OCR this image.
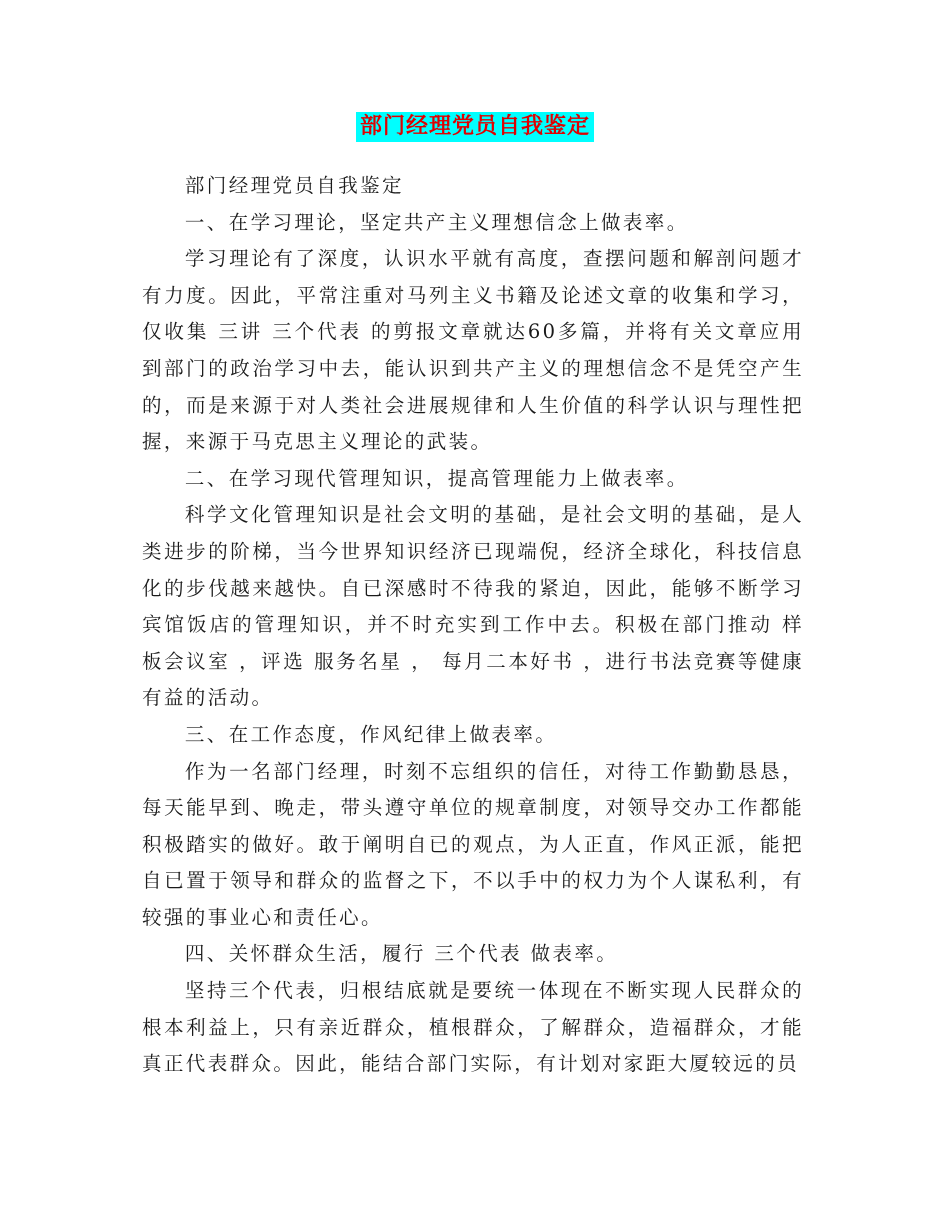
部门经理党员自我鉴定

部门经理党员自我鉴定

一、在学习理论，坚定共产主义理想信念上做表率。

学习理论有了深度，认识水平就有高度，查摆问题和解剖问题才有力度。因此，平常注重对马列主义书籍及论述文章的收集和学习，仅收集 三讲 三个代表 的剪报文章就达60多篇，并将有关文章应用到部门的政治学习中去，能认识到共产主义的理想信念不是凭空产生的，而是来源于对人类社会进展规律和人生价值的科学认识与理性把握，来源于马克思主义理论的武装。

二、在学习现代管理知识，提高管理能力上做表率。

科学文化管理知识是社会文明的基础，是社会文明的基础，是人类进步的阶梯，当今世界知识经济已现端倪，经济全球化，科技信息化的步伐越来越快。自已深感时不待我的紧迫，因此，能够不断学习宾馆饭店的管理知识，并不时充实到工作中去。积极在部门推动 样板会议室 ，评选 服务名星 ， 每月二本好书 ，进行书法竞赛等健康有益的活动。

三、在工作态度，作风纪律上做表率。

作为一名部门经理，时刻不忘组织的信任，对待工作勤勤恳恳，每天能早到、晚走，带头遵守单位的规章制度，对领导交办工作都能积极踏实的做好。敢于阐明自已的观点，为人正直，作风正派，能把自已置于领导和群众的监督之下，不以手中的权力为个人谋私利，有较强的事业心和责任心。

四、关怀群众生活，履行 三个代表 做表率。

坚持三个代表，归根结底就是要统一体现在不断实现人民群众的根本利益上，只有亲近群众，植根群众，了解群众，造福群众，才能真正代表群众。因此，能结合部门实际，有计划对家距大厦较远的员
